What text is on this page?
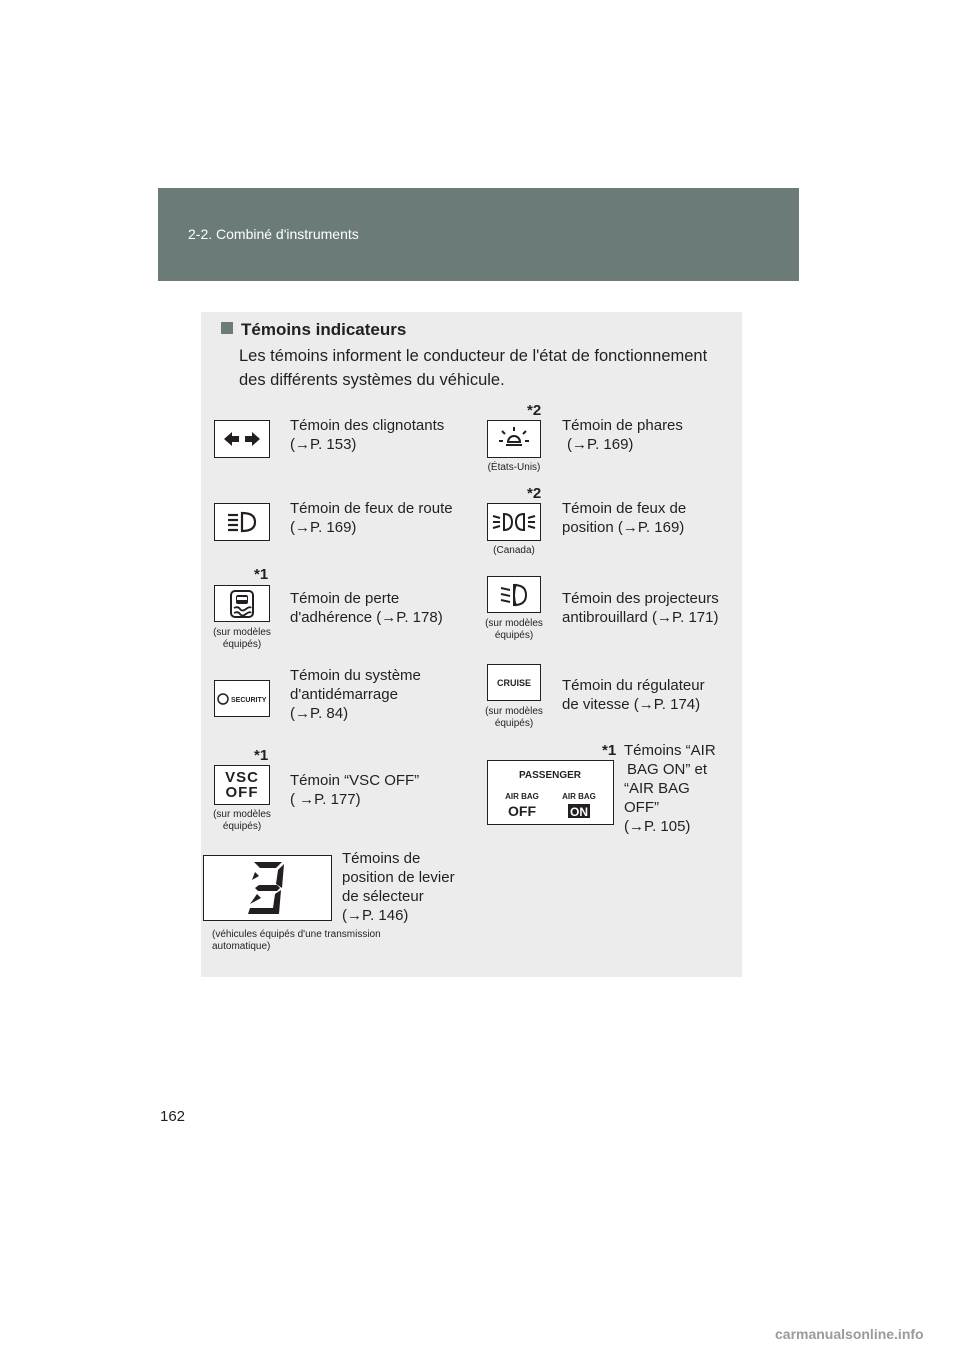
2-2. Combiné d'instruments
Témoins indicateurs
Les témoins informent le conducteur de l'état de fonctionnement des différents systèmes du véhicule.
Témoin des clignotants
(→P. 153)
*2
(États-Unis)
Témoin de phares
(→P. 169)
Témoin de feux de route
(→P. 169)
*2
(Canada)
Témoin de feux de
position (→P. 169)
*1
(sur modèles
équipés)
Témoin de perte
d'adhérence (→P. 178)	(sur modèles
équipés)
Témoin des projecteurs
antibrouillard (→P. 171)
SECURITY
Témoin du système
d'antidémarrage
(→P. 84)
CRUISE
(sur modèles
équipés)
Témoin du régulateur
de vitesse (→P. 174)
*1
VSC
OFF
(sur modèles
équipés)
Témoin “VSC OFF”
( →P. 177)
*1
PASSENGER
AIR BAG	AIR BAG
OFF	ON
Témoins “AIR
BAG ON” et
“AIR BAG
OFF”
(→P. 105)
(véhicules équipés d'une transmission
automatique)
Témoins de
position de levier
de sélecteur
(→P. 146)
162
carmanualsonline.info
